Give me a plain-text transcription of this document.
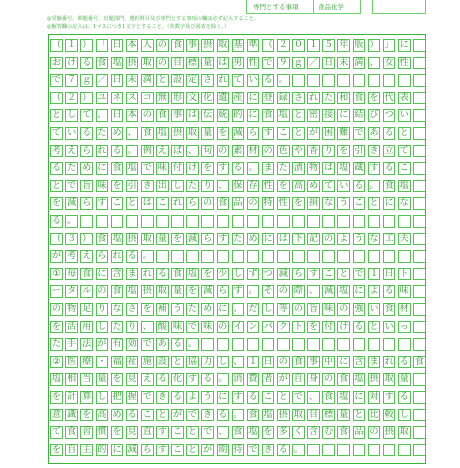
専門とする事項	食品化学
◎受験番号、問題番号、出題部門、選択科目及び専門とする事項の欄は必ず記入すること。
◎解答欄の記入は、1マスにつき1文字とすること。（英数字及び図表を除く。）
（ １ ） 「 日 本 人 の 食 事 摂 取 基 準 （ ２ ０ １ ５ 年 版 ） 」 に
お け る 食 塩 摂 取 の 目 標 量 は 男 性 で ９ ｇ ／ 日 未 満 、 女 性
で ７ ｇ ／ 日 未 満 と 設 定 さ れ て い る 。
（ ２ ） ユ ネ ス コ 無 形 文 化 遺 産 に 登 録 さ れ た 和 食 を 代 表
と し て 、 日 本 の 食 事 は 伝 統 的 に 食 塩 と 密 接 に 結 び つ い
て い る た め 、 食 塩 摂 取 量 を 減 ら す こ と が 困 難 で あ る と
考 え ら れ る 。 例 え ば 、 旬 の 素 材 の 色 や 香 り を 引 き 立 て
る た め に 食 塩 で 味 付 け を す る 。 ま た 漬 物 は 塩 蔵 す る こ
と で 旨 味 を 引 き 出 し た り 、 保 存 性 を 高 め て い る 。 食 塩
を 減 ら す こ と は こ れ ら の 食 品 の 特 性 を 損 な う こ と に な
る 。
（ ３ ） 食 塩 摂 取 量 を 減 ら す た め に は 下 記 の よ う な 工 夫
が 考 え ら れ る 。
① 毎 食 に 含 ま れ る 食 塩 を 少 し ず つ 減 ら す こ と で １ 日 ト
ー タ ル の 食 塩 摂 取 量 を 減 ら す 。 そ の 際 、 減 塩 に よ る 味
の 物 足 り な さ を 補 う た め に 、 だ し 等 の 旨 味 の 強 い 食 材
を 活 用 し た り 、 酸 味 で 味 の イ ン パ ク ト を 付 け る と い っ
た 手 法 が 有 効 で あ る 。
② 医 療 ・ 福 祉 施 設 と 協 力 し 、 １ 日 の 食 事 中 に 含 ま れ る 食
塩 相 当 量 を 見 え る 化 す る 。 消 費 者 が 自 身 の 食 塩 摂 取 量
を 計 算 し 把 握 で き る よ う に す る こ と で 、 食 塩 に 対 す る
意 識 を 高 め る こ と が で き る 。 食 塩 摂 取 目 標 量 と 比 較 し
て 食 習 慣 を 見 直 す こ と で 、 食 塩 を 多 く 含 む 食 品 の 摂 取
を 自 主 的 に 減 ら す こ と が 期 待 で き る 。
